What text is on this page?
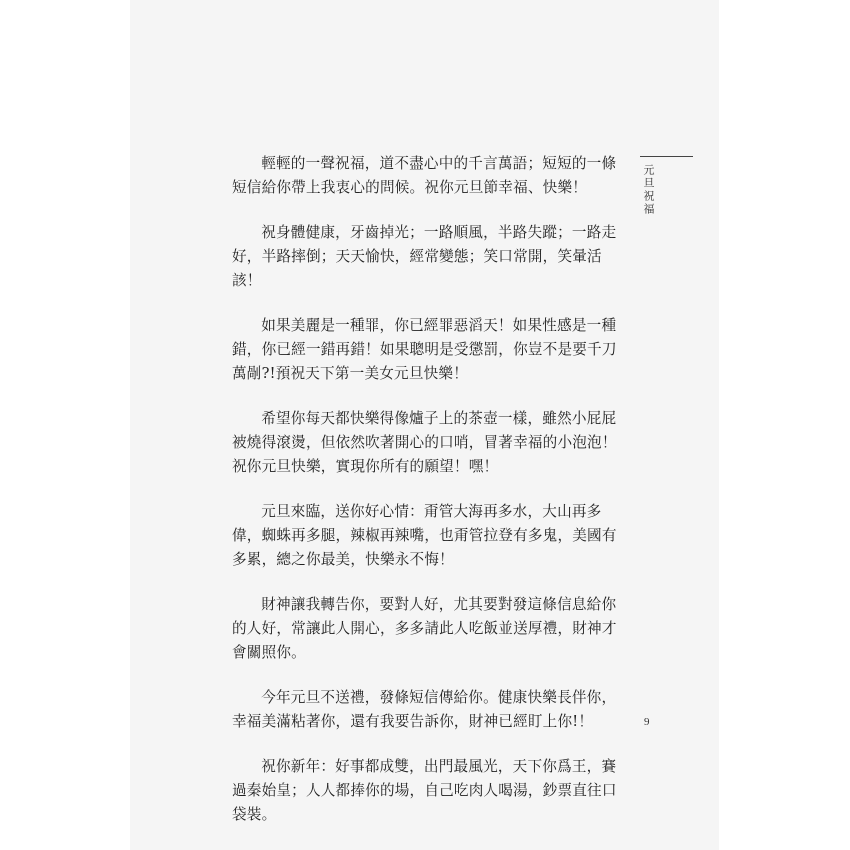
輕輕的一聲祝福，道不盡心中的千言萬語；短短的一條短信給你帶上我衷心的問候。祝你元旦節幸福、快樂！

祝身體健康，牙齒掉光；一路順風，半路失蹤；一路走好，半路摔倒；天天愉快，經常變態；笑口常開，笑暈活該！

如果美麗是一種罪，你已經罪惡滔天！如果性感是一種錯，你已經一錯再錯！如果聰明是受懲罰，你豈不是要千刀萬剮?!預祝天下第一美女元旦快樂！

希望你每天都快樂得像爐子上的茶壺一樣，雖然小屁屁被燒得滾燙，但依然吹著開心的口哨，冒著幸福的小泡泡！祝你元旦快樂，實現你所有的願望！嘿！

元旦來臨，送你好心情：甭管大海再多水，大山再多偉，蜘蛛再多腿，辣椒再辣嘴，也甭管拉登有多鬼，美國有多累，總之你最美，快樂永不悔！

財神讓我轉告你，要對人好，尤其要對發這條信息給你的人好，常讓此人開心，多多請此人吃飯並送厚禮，財神才會關照你。

今年元旦不送禮，發條短信傳給你。健康快樂長伴你，幸福美滿粘著你，還有我要告訴你，財神已經盯上你!！

祝你新年：好事都成雙，出門最風光，天下你爲王，賽過秦始皇；人人都捧你的場，自己吃肉人喝湯，鈔票直往口袋裝。

元旦祝福
9
